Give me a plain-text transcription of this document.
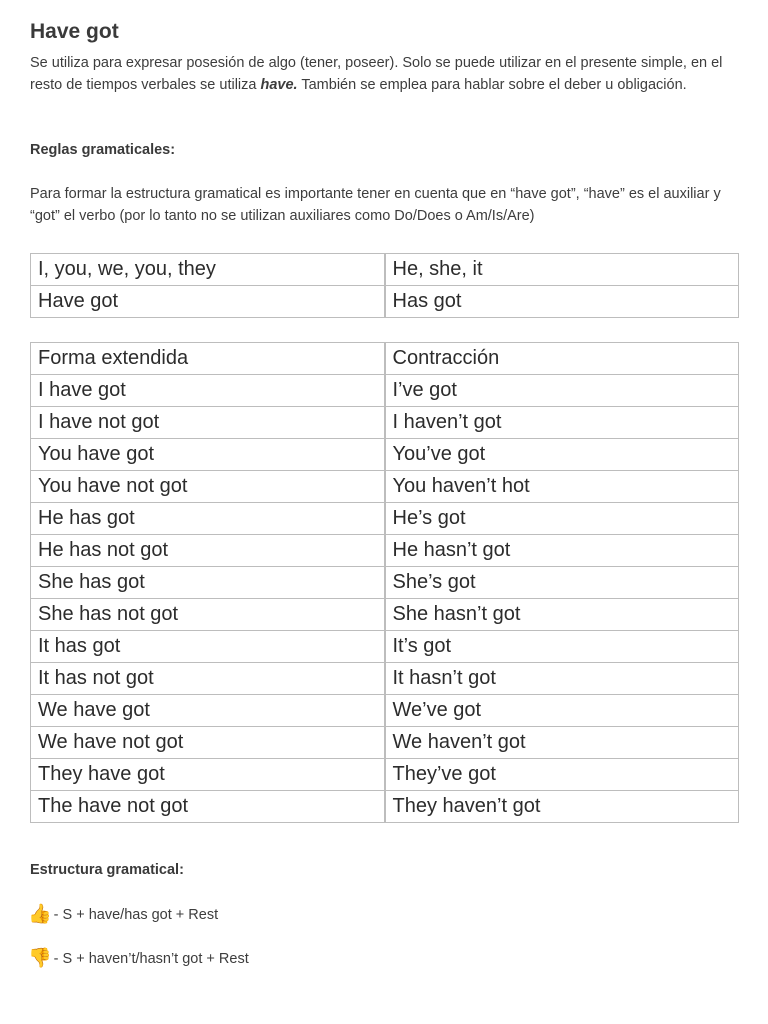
Have got

Se utiliza para expresar posesión de algo (tener, poseer). Solo se puede utilizar en el presente simple, en el resto de tiempos verbales se utiliza have. También se emplea para hablar sobre el deber u obligación.

Reglas gramaticales:

Para formar la estructura gramatical es importante tener en cuenta que en “have got”, “have” es el auxiliar y “got” el verbo (por lo tanto no se utilizan auxiliares como Do/Does o Am/Is/Are)

I, you, we, you, they	He, she, it
Have got	Has got
Forma extendida	Contracción
I have got	I’ve got
I have not got	I haven’t got
You have got	You’ve got
You have not got	You haven’t hot
He has got	He’s got
He has not got	He hasn’t got
She has got	She’s got
She has not got	She hasn’t got
It has got	It’s got
It has not got	It hasn’t got
We have got	We’ve got
We have not got	We haven’t got
They have got	They’ve got
The have not got	They haven’t got

Estructura gramatical:

👍 - S + have/has got + Rest
👎 - S + haven’t/hasn’t got + Rest
